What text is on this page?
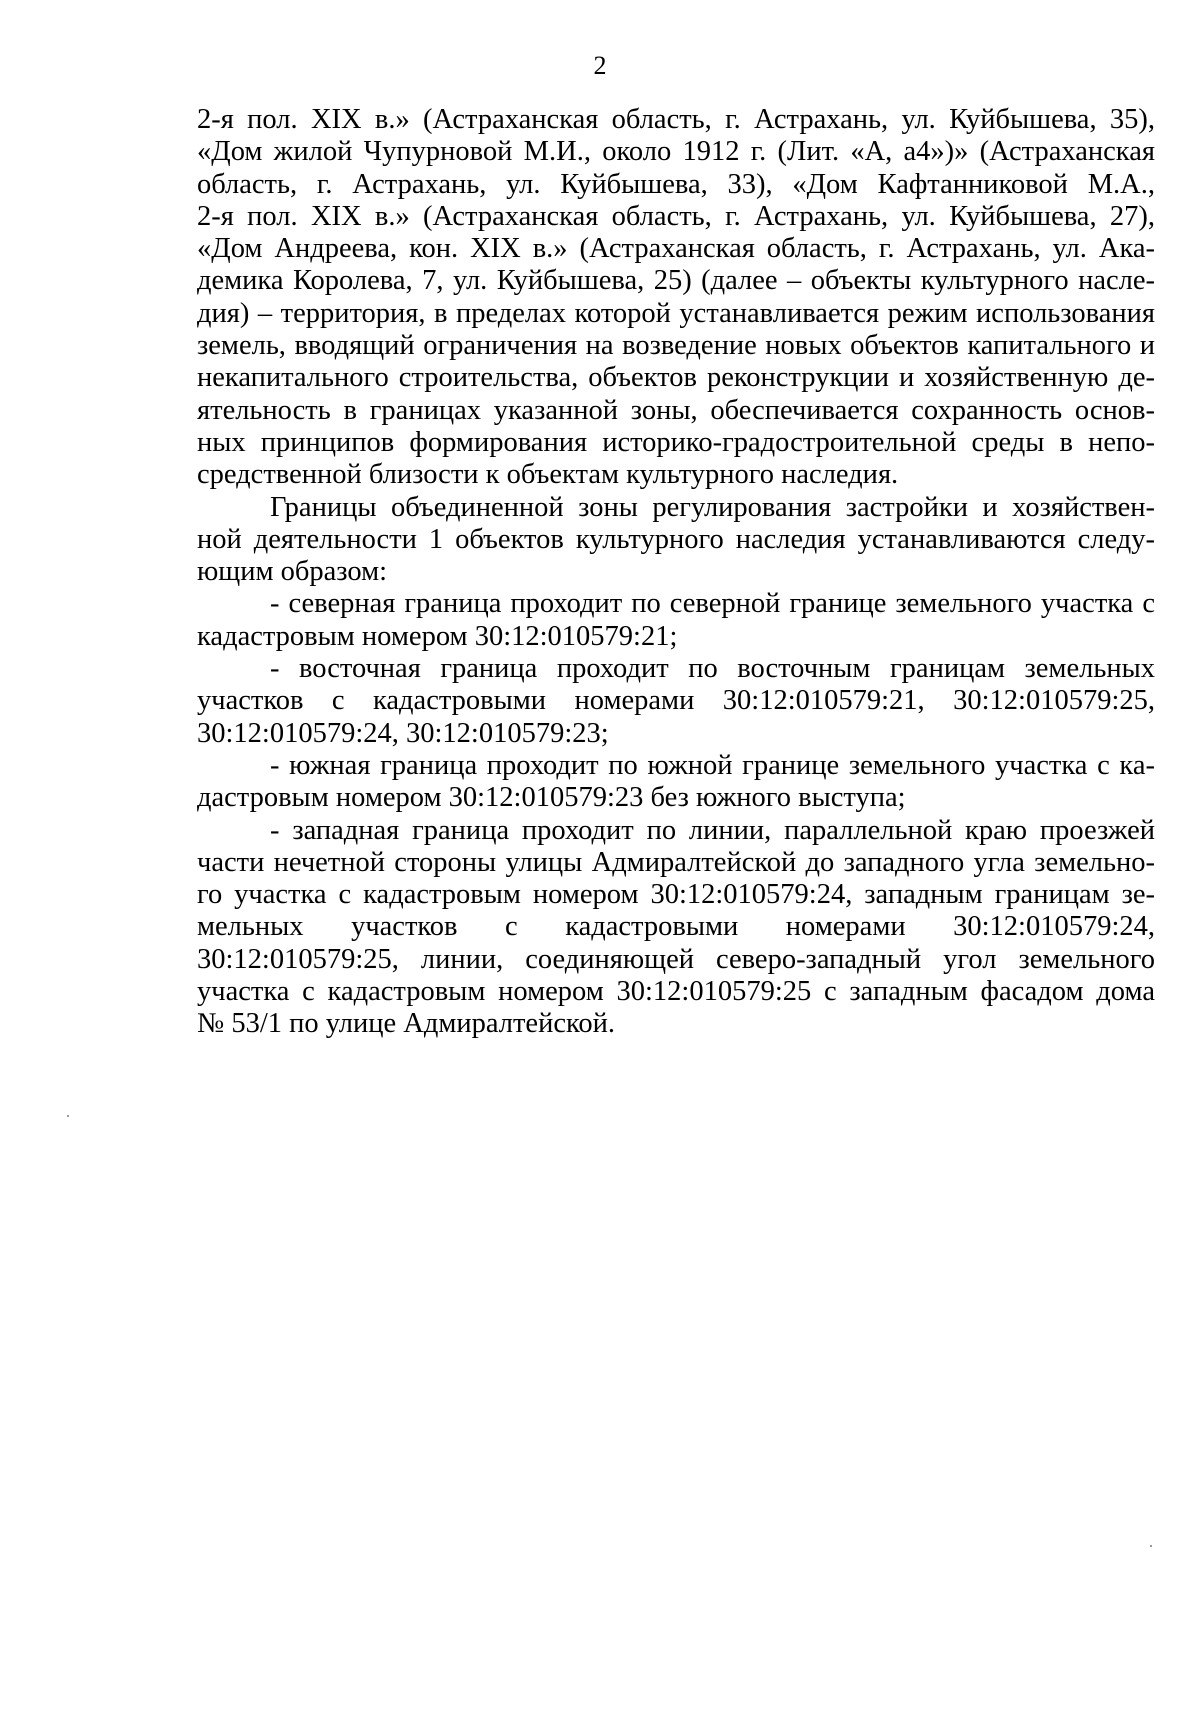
2
2-я пол. XIX в.» (Астраханская область, г. Астрахань, ул. Куйбышева, 35),
«Дом жилой Чупурновой М.И., около 1912 г. (Лит. «А, а4»)» (Астраханская
область, г. Астрахань, ул. Куйбышева, 33), «Дом Кафтанниковой М.А.,
2-я пол. XIX в.» (Астраханская область, г. Астрахань, ул. Куйбышева, 27),
«Дом Андреева, кон. XIX в.» (Астраханская область, г. Астрахань, ул. Ака-
демика Королева, 7, ул. Куйбышева, 25) (далее – объекты культурного насле-
дия) – территория, в пределах которой устанавливается режим использования
земель, вводящий ограничения на возведение новых объектов капитального и
некапитального строительства, объектов реконструкции и хозяйственную де-
ятельность в границах указанной зоны, обеспечивается сохранность основ-
ных принципов формирования историко-градостроительной среды в непо-
средственной близости к объектам культурного наследия.
Границы объединенной зоны регулирования застройки и хозяйствен-
ной деятельности 1 объектов культурного наследия устанавливаются следу-
ющим образом:
- северная граница проходит по северной границе земельного участка с
кадастровым номером 30:12:010579:21;
- восточная граница проходит по восточным границам земельных
участков с кадастровыми номерами 30:12:010579:21, 30:12:010579:25,
30:12:010579:24, 30:12:010579:23;
- южная граница проходит по южной границе земельного участка с ка-
дастровым номером 30:12:010579:23 без южного выступа;
- западная граница проходит по линии, параллельной краю проезжей
части нечетной стороны улицы Адмиралтейской до западного угла земельно-
го участка с кадастровым номером 30:12:010579:24, западным границам зе-
мельных участков с кадастровыми номерами 30:12:010579:24,
30:12:010579:25, линии, соединяющей северо-западный угол земельного
участка с кадастровым номером 30:12:010579:25 с западным фасадом дома
№ 53/1 по улице Адмиралтейской.
